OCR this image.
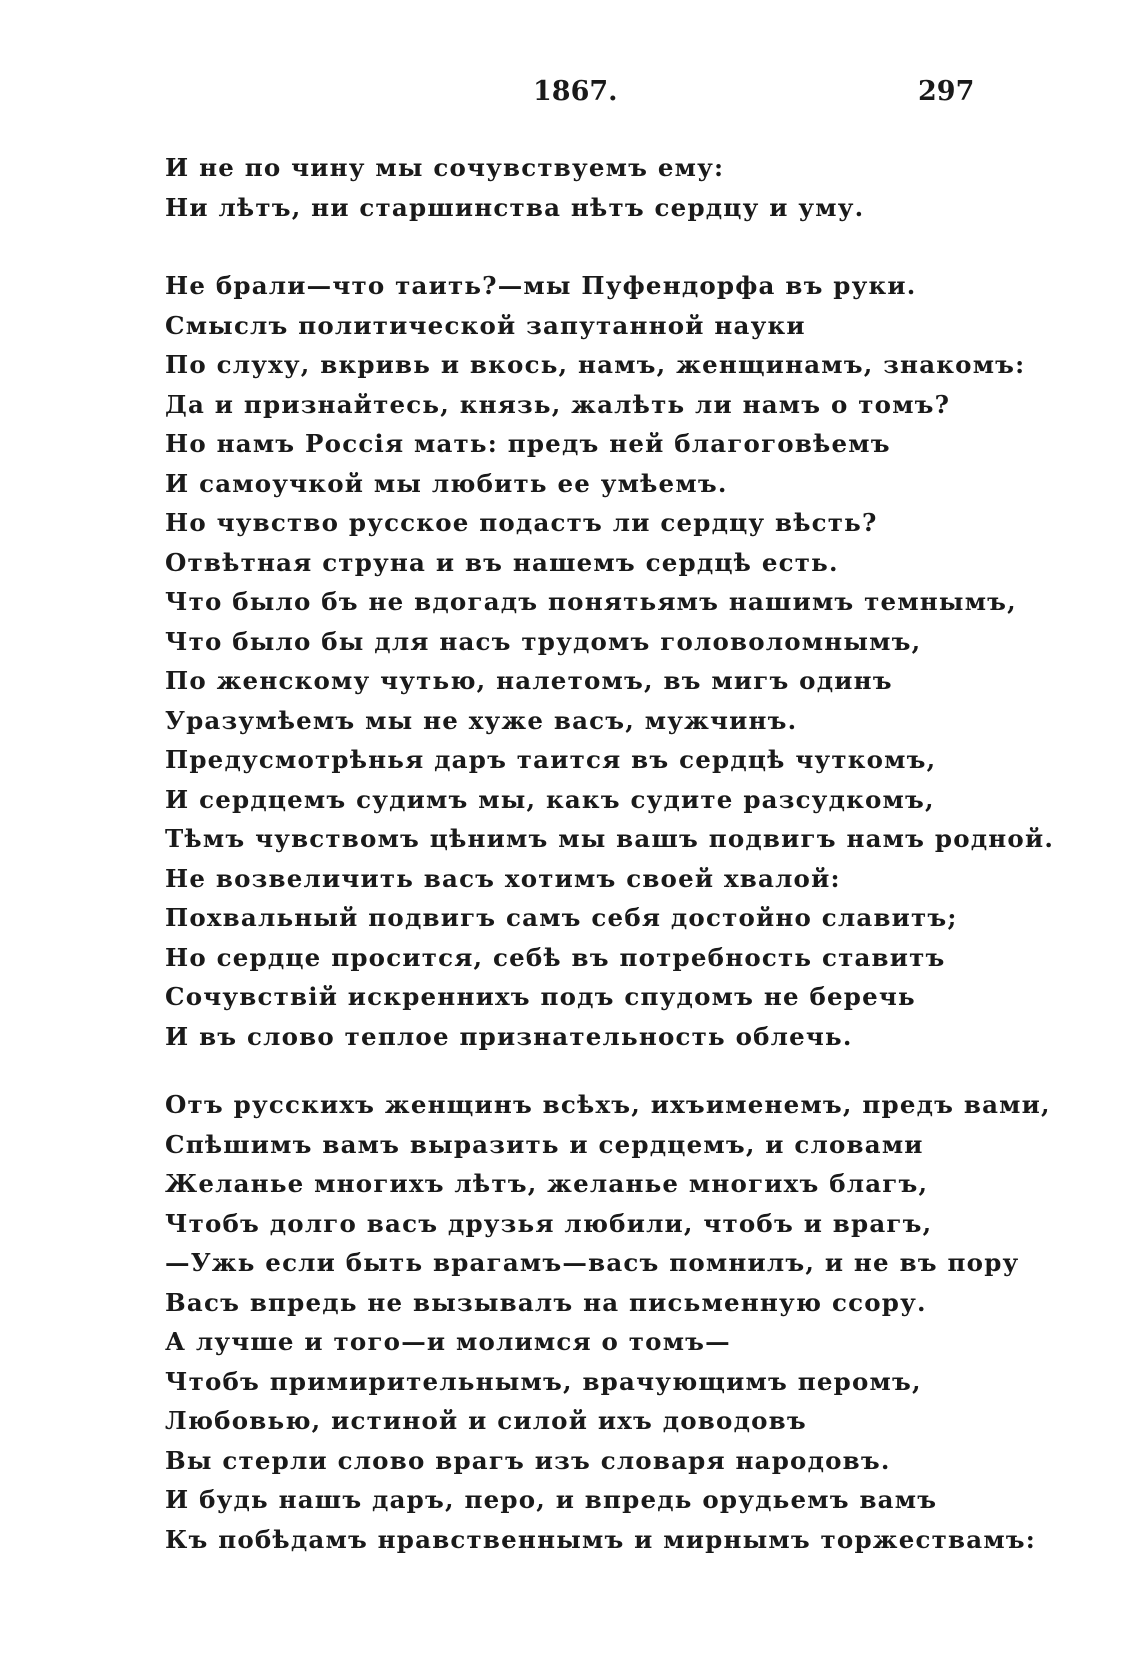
1867.	297
И не по чину мы сочувствуемъ ему:
Ни лѣтъ, ни старшинства нѣтъ сердцу и уму.
Не брали—что таить?—мы Пуфендорфа въ руки.
Смыслъ политической запутанной науки
По слуху, вкривь и вкось, намъ, женщинамъ, знакомъ:
Да и признайтесь, князь, жалѣть ли намъ о томъ?
Но намъ Россія мать: предъ ней благоговѣемъ
И самоучкой мы любить ее умѣемъ.
Но чувство русское подастъ ли сердцу вѣсть?
Отвѣтная струна и въ нашемъ сердцѣ есть.
Что было бъ не вдогадъ понятьямъ нашимъ темнымъ,
Что было бы для насъ трудомъ головоломнымъ,
По женскому чутью, налетомъ, въ мигъ одинъ
Уразумѣемъ мы не хуже васъ, мужчинъ.
Предусмотрѣнья даръ таится въ сердцѣ чуткомъ,
И сердцемъ судимъ мы, какъ судите разсудкомъ,
Тѣмъ чувствомъ цѣнимъ мы вашъ подвигъ намъ родной.
Не возвеличить васъ хотимъ своей хвалой:
Похвальный подвигъ самъ себя достойно славитъ;
Но сердце просится, себѣ въ потребность ставитъ
Сочувствій искреннихъ подъ спудомъ не беречь
И въ слово теплое признательность облечь.
Отъ русскихъ женщинъ всѣхъ, ихъименемъ, предъ вами,
Спѣшимъ вамъ выразить и сердцемъ, и словами
Желанье многихъ лѣтъ, желанье многихъ благъ,
Чтобъ долго васъ друзья любили, чтобъ и врагъ,
—Ужь если быть врагамъ—васъ помнилъ, и не въ пору
Васъ впредь не вызывалъ на письменную ссору.
А лучше и того—и молимся о томъ—
Чтобъ примирительнымъ, врачующимъ перомъ,
Любовью, истиной и силой ихъ доводовъ
Вы стерли слово врагъ изъ словаря народовъ.
И будь нашъ даръ, перо, и впредь орудьемъ вамъ
Къ побѣдамъ нравственнымъ и мирнымъ торжествамъ:
